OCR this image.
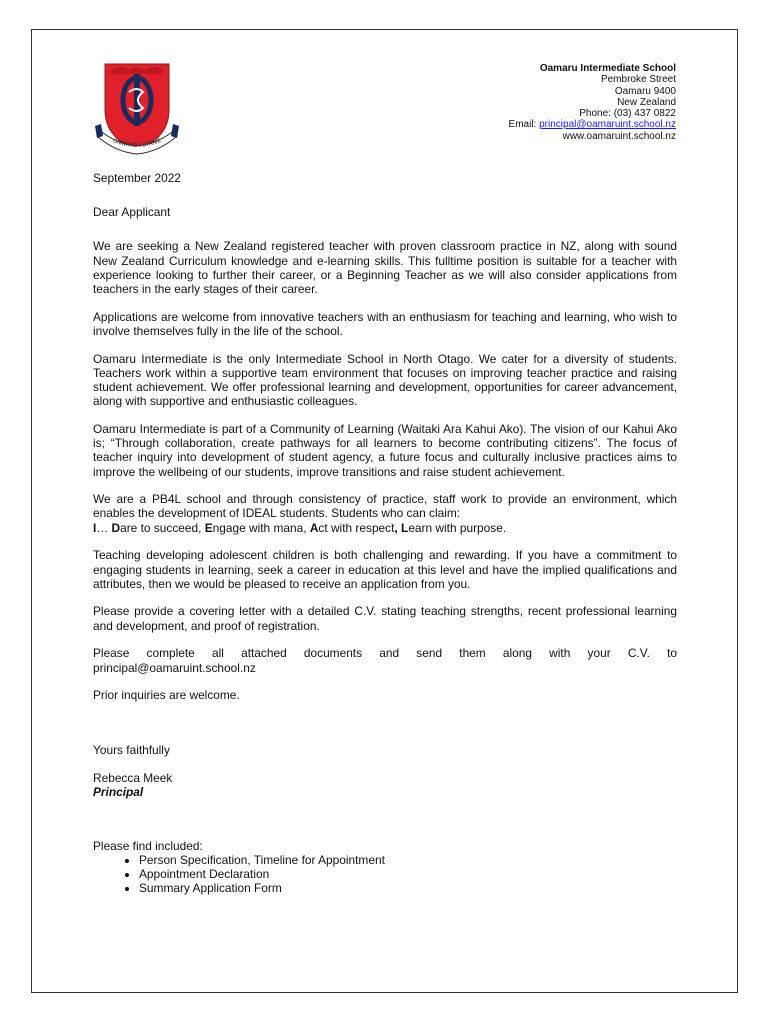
ONWARD I STRIVE
Oamaru Intermediate School
Pembroke Street
Oamaru 9400
New Zealand
Phone: (03) 437 0822
Email: principal@oamaruint.school.nz
www.oamaruint.school.nz

September 2022

Dear Applicant

We are seeking a New Zealand registered teacher with proven classroom practice in NZ, along with sound New Zealand Curriculum knowledge and e-learning skills. This fulltime position is suitable for a teacher with experience looking to further their career, or a Beginning Teacher as we will also consider applications from teachers in the early stages of their career.

Applications are welcome from innovative teachers with an enthusiasm for teaching and learning, who wish to involve themselves fully in the life of the school.

Oamaru Intermediate is the only Intermediate School in North Otago. We cater for a diversity of students. Teachers work within a supportive team environment that focuses on improving teacher practice and raising student achievement. We offer professional learning and development, opportunities for career advancement, along with supportive and enthusiastic colleagues.

Oamaru Intermediate is part of a Community of Learning (Waitaki Ara Kahui Ako). The vision of our Kahui Ako is; “Through collaboration, create pathways for all learners to become contributing citizens”. The focus of teacher inquiry into development of student agency, a future focus and culturally inclusive practices aims to improve the wellbeing of our students, improve transitions and raise student achievement.

We are a PB4L school and through consistency of practice, staff work to provide an environment, which enables the development of IDEAL students. Students who can claim:
I… Dare to succeed, Engage with mana, Act with respect, Learn with purpose.

Teaching developing adolescent children is both challenging and rewarding. If you have a commitment to engaging students in learning, seek a career in education at this level and have the implied qualifications and attributes, then we would be pleased to receive an application from you.

Please provide a covering letter with a detailed C.V. stating teaching strengths, recent professional learning and development, and proof of registration.

Please complete all attached documents and send them along with your C.V. to
principal@oamaruint.school.nz

Prior inquiries are welcome.

Yours faithfully

Rebecca Meek
Principal

Please find included:
• Person Specification, Timeline for Appointment
• Appointment Declaration
• Summary Application Form
